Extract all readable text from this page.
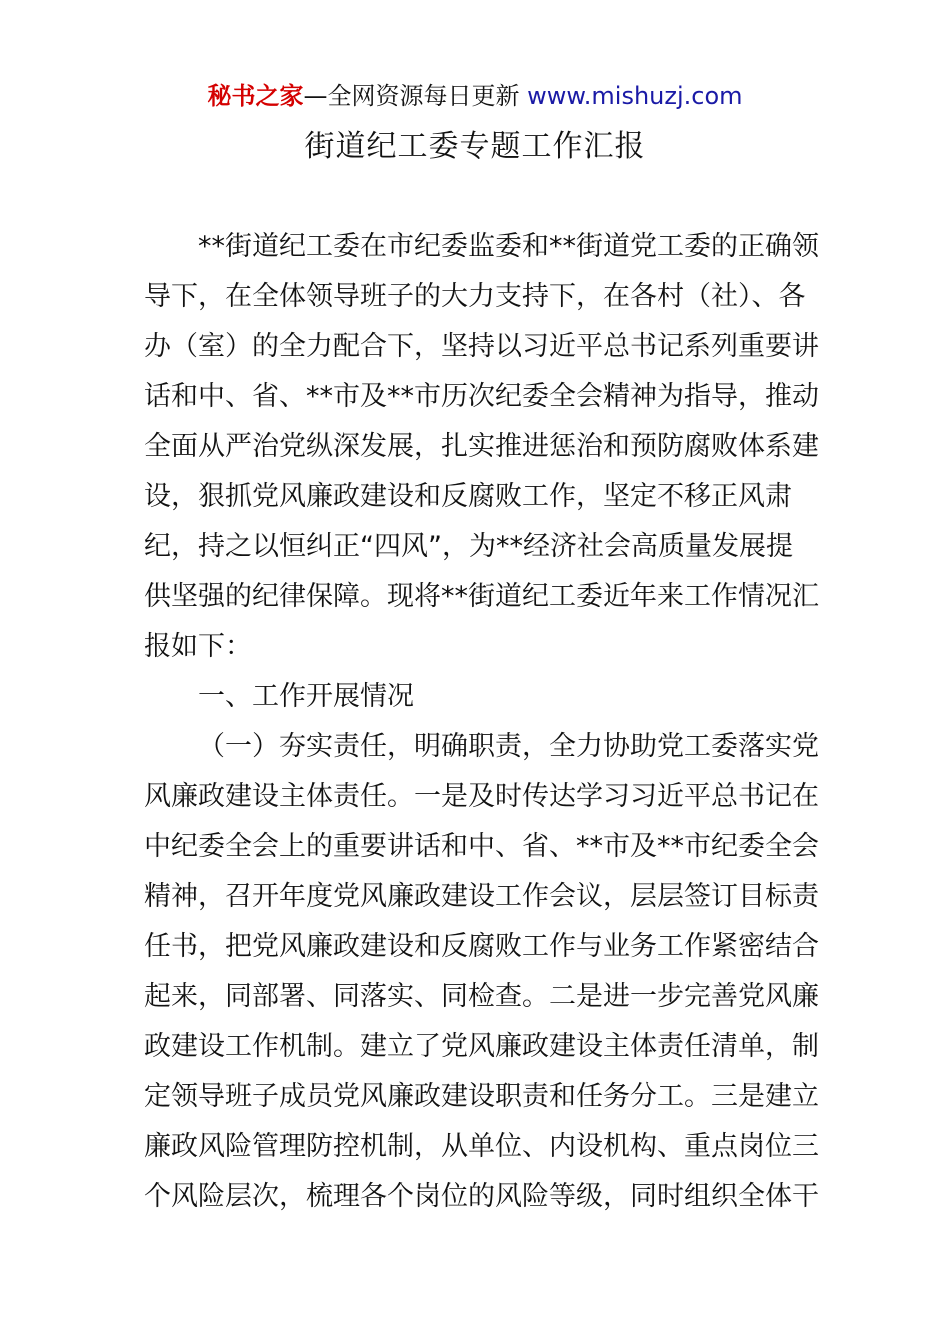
秘书之家—全网资源每日更新 www.mishuzj.com
街道纪工委专题工作汇报
**街道纪工委在市纪委监委和**街道党工委的正确领
导下，在全体领导班子的大力支持下，在各村（社）、各
办（室）的全力配合下，坚持以习近平总书记系列重要讲
话和中、省、**市及**市历次纪委全会精神为指导，推动
全面从严治党纵深发展，扎实推进惩治和预防腐败体系建
设，狠抓党风廉政建设和反腐败工作，坚定不移正风肃
纪，持之以恒纠正“四风”，为**经济社会高质量发展提
供坚强的纪律保障。现将**街道纪工委近年来工作情况汇
报如下：
一、工作开展情况
（一）夯实责任，明确职责，全力协助党工委落实党
风廉政建设主体责任。一是及时传达学习习近平总书记在
中纪委全会上的重要讲话和中、省、**市及**市纪委全会
精神，召开年度党风廉政建设工作会议，层层签订目标责
任书，把党风廉政建设和反腐败工作与业务工作紧密结合
起来，同部署、同落实、同检查。二是进一步完善党风廉
政建设工作机制。建立了党风廉政建设主体责任清单，制
定领导班子成员党风廉政建设职责和任务分工。三是建立
廉政风险管理防控机制，从单位、内设机构、重点岗位三
个风险层次，梳理各个岗位的风险等级，同时组织全体干
